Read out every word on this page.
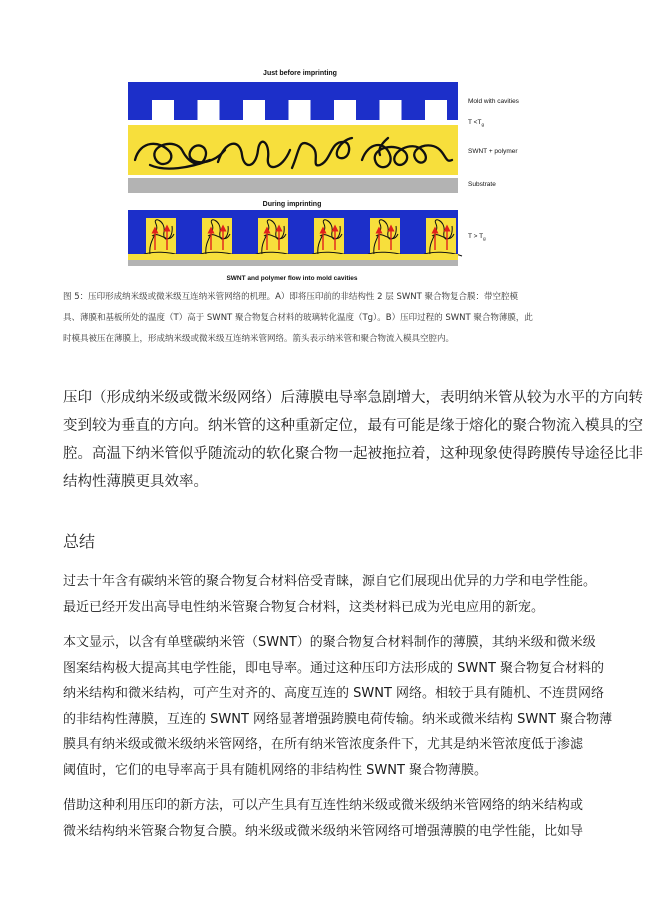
Just before imprinting
Mold with cavities
$T <T_g$
SWNT + polymer
Substrate
During imprinting
$T > T_g$
SWNT and polymer flow into mold cavities
图 5：压印形成纳米级或微米级互连纳米管网络的机理。A）即将压印前的非结构性 2 层 SWNT 聚合物复合膜：带空腔模
具、薄膜和基板所处的温度（T）高于 SWNT 聚合物复合材料的玻璃转化温度（Tg）。B）压印过程的 SWNT 聚合物薄膜，此
时模具被压在薄膜上，形成纳米级或微米级互连纳米管网络。箭头表示纳米管和聚合物流入模具空腔内。

压印（形成纳米级或微米级网络）后薄膜电导率急剧增大，表明纳米管从较为水平的方向转
变到较为垂直的方向。纳米管的这种重新定位，最有可能是缘于熔化的聚合物流入模具的空
腔。高温下纳米管似乎随流动的软化聚合物一起被拖拉着，这种现象使得跨膜传导途径比非
结构性薄膜更具效率。

总结

过去十年含有碳纳米管的聚合物复合材料倍受青睐，源自它们展现出优异的力学和电学性能。
最近已经开发出高导电性纳米管聚合物复合材料，这类材料已成为光电应用的新宠。

本文显示，以含有单壁碳纳米管（SWNT）的聚合物复合材料制作的薄膜，其纳米级和微米级
图案结构极大提高其电学性能，即电导率。通过这种压印方法形成的 SWNT 聚合物复合材料的
纳米结构和微米结构，可产生对齐的、高度互连的 SWNT 网络。相较于具有随机、不连贯网络
的非结构性薄膜，互连的 SWNT 网络显著增强跨膜电荷传输。纳米或微米结构 SWNT 聚合物薄
膜具有纳米级或微米级纳米管网络，在所有纳米管浓度条件下，尤其是纳米管浓度低于渗滤
阈值时，它们的电导率高于具有随机网络的非结构性 SWNT 聚合物薄膜。

借助这种利用压印的新方法，可以产生具有互连性纳米级或微米级纳米管网络的纳米结构或
微米结构纳米管聚合物复合膜。纳米级或微米级纳米管网络可增强薄膜的电学性能，比如导
